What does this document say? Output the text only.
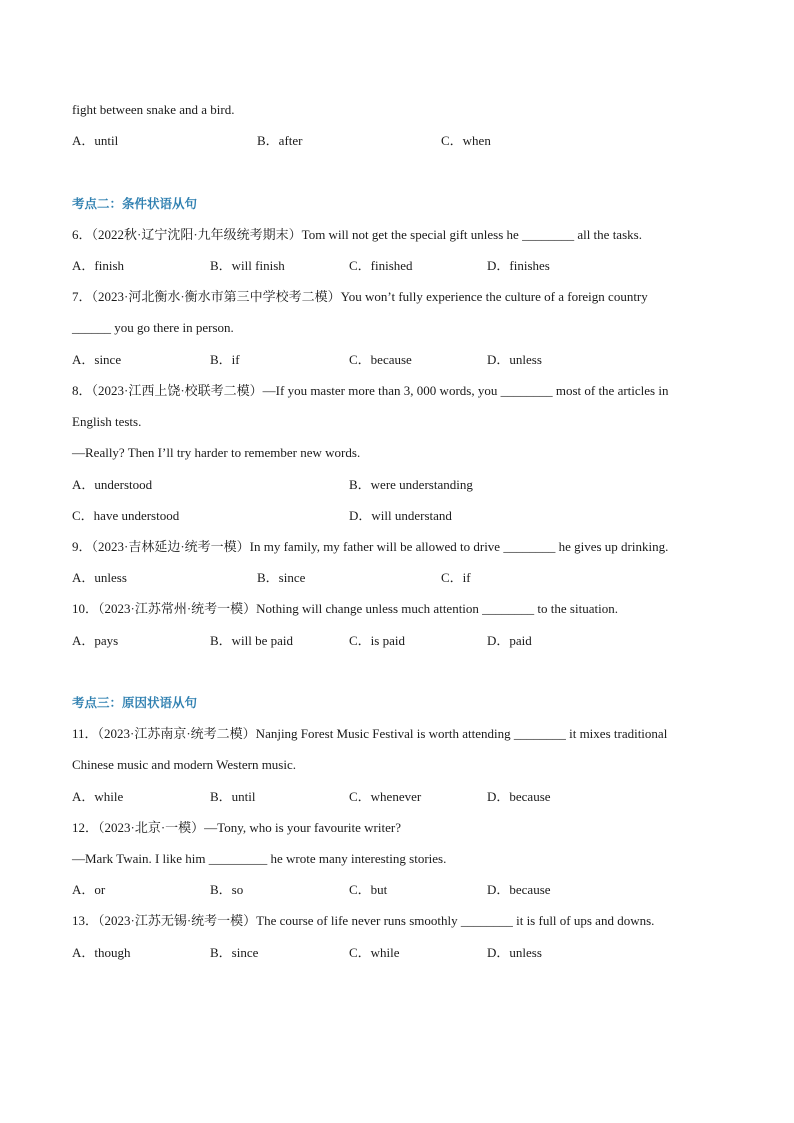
fight between snake and a bird.
A．until	B．after	C．when
考点二：条件状语从句
6．（2022秋·辽宁沈阳·九年级统考期末）Tom will not get the special gift unless he ________ all the tasks.
A．finish	B．will finish	C．finished	D．finishes
7．（2023·河北衡水·衡水市第三中学校考二模）You won’t fully experience the culture of a foreign country
______ you go there in person.
A．since	B．if	C．because	D．unless
8．（2023·江西上饶·校联考二模）—If you master more than 3, 000 words, you ________ most of the articles in
English tests.
—Really? Then I’ll try harder to remember new words.
A．understood	B．were understanding
C．have understood	D．will understand
9．（2023·吉林延边·统考一模）In my family, my father will be allowed to drive ________ he gives up drinking.
A．unless	B．since	C．if
10．（2023·江苏常州·统考一模）Nothing will change unless much attention ________ to the situation.
A．pays	B．will be paid	C．is paid	D．paid
考点三：原因状语从句
11．（2023·江苏南京·统考二模）Nanjing Forest Music Festival is worth attending ________ it mixes traditional
Chinese music and modern Western music.
A．while	B．until	C．whenever	D．because
12．（2023·北京·一模）—Tony, who is your favourite writer?
—Mark Twain. I like him _________ he wrote many interesting stories.
A．or	B．so	C．but	D．because
13．（2023·江苏无锡·统考一模）The course of life never runs smoothly ________ it is full of ups and downs.
A．though	B．since	C．while	D．unless
